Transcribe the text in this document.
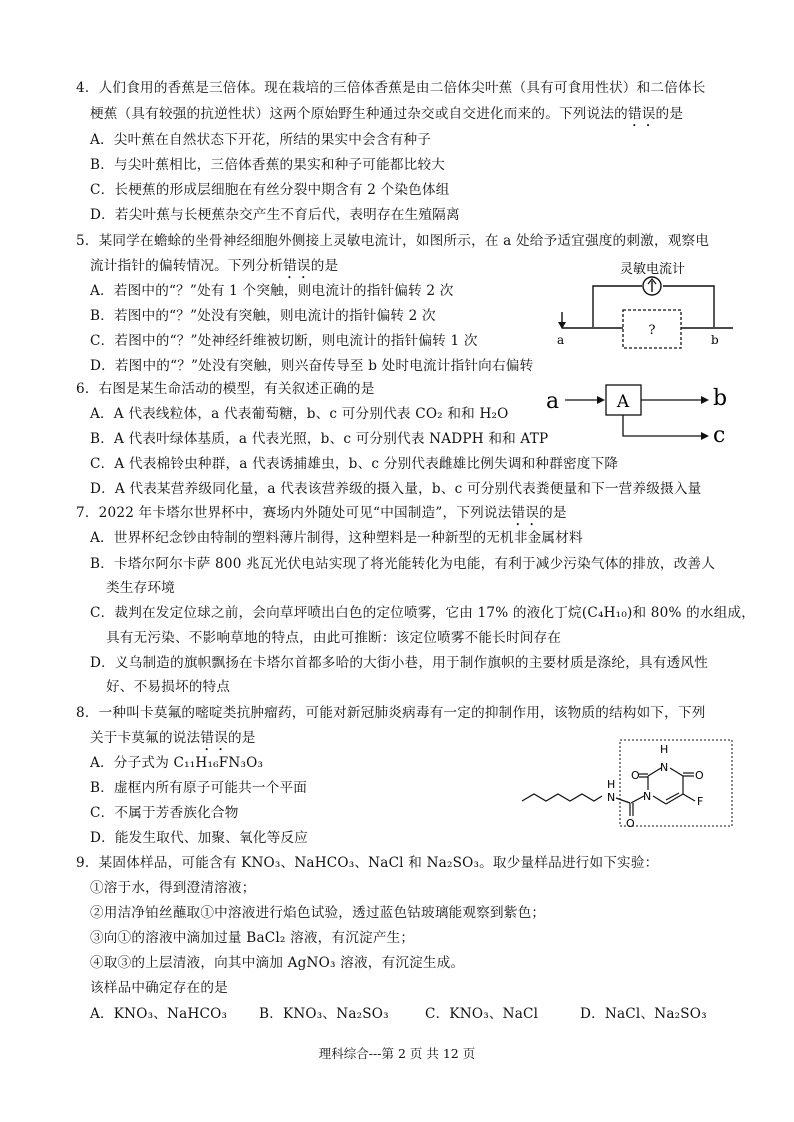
4．人们食用的香蕉是三倍体。现在栽培的三倍体香蕉是由二倍体尖叶蕉（具有可食用性状）和二倍体长
梗蕉（具有较强的抗逆性状）这两个原始野生种通过杂交或自交进化而来的。下列说法的错误的是
A．尖叶蕉在自然状态下开花，所结的果实中会含有种子
B．与尖叶蕉相比，三倍体香蕉的果实和种子可能都比较大
C．长梗蕉的形成层细胞在有丝分裂中期含有 2 个染色体组
D．若尖叶蕉与长梗蕉杂交产生不育后代，表明存在生殖隔离
5．某同学在蟾蜍的坐骨神经细胞外侧接上灵敏电流计，如图所示，在 a 处给予适宜强度的刺激，观察电
流计指针的偏转情况。下列分析错误的是
A．若图中的“？”处有 1 个突触，则电流计的指针偏转 2 次
B．若图中的“？”处没有突触，则电流计的指针偏转 2 次
C．若图中的“？”处神经纤维被切断，则电流计的指针偏转 1 次
D．若图中的“？”处没有突触，则兴奋传导至 b 处时电流计指针向右偏转
灵敏电流计
?
a	b
6．右图是某生命活动的模型，有关叙述正确的是
A．A 代表线粒体，a 代表葡萄糖，b、c 可分别代表 CO₂ 和和 H₂O
B．A 代表叶绿体基质，a 代表光照，b、c 可分别代表 NADPH 和和 ATP
C．A 代表棉铃虫种群，a 代表诱捕雄虫，b、c 分别代表雌雄比例失调和种群密度下降
D．A 代表某营养级同化量，a 代表该营养级的摄入量，b、c 可分别代表粪便量和下一营养级摄入量
a	A	b
c
7．2022 年卡塔尔世界杯中，赛场内外随处可见“中国制造”，下列说法错误的是
A．世界杯纪念钞由特制的塑料薄片制得，这种塑料是一种新型的无机非金属材料
B．卡塔尔阿尔卡萨 800 兆瓦光伏电站实现了将光能转化为电能，有利于减少污染气体的排放，改善人
类生存环境
C．裁判在发定位球之前，会向草坪喷出白色的定位喷雾，它由 17% 的液化丁烷(C₄H₁₀)和 80% 的水组成，
具有无污染、不影响草地的特点，由此可推断：该定位喷雾不能长时间存在
D．义乌制造的旗帜飘扬在卡塔尔首都多哈的大街小巷，用于制作旗帜的主要材质是涤纶，具有透风性
好、不易损坏的特点
8．一种叫卡莫氟的嘧啶类抗肿瘤药，可能对新冠肺炎病毒有一定的抑制作用，该物质的结构如下，下列
关于卡莫氟的说法错误的是
A．分子式为 C₁₁H₁₆FN₃O₃
B．虚框内所有原子可能共一个平面
C．不属于芳香族化合物
D．能发生取代、加聚、氧化等反应
N
H
O
N
O
N
H
O
F
9．某固体样品，可能含有 KNO₃、NaHCO₃、NaCl 和 Na₂SO₃。取少量样品进行如下实验：
①溶于水，得到澄清溶液；
②用洁净铂丝蘸取①中溶液进行焰色试验，透过蓝色钴玻璃能观察到紫色；
③向①的溶液中滴加过量 BaCl₂ 溶液，有沉淀产生；
④取③的上层清液，向其中滴加 AgNO₃ 溶液，有沉淀生成。
该样品中确定存在的是
A．KNO₃、NaHCO₃ B．KNO₃、Na₂SO₃	C．KNO₃、NaCl	D．NaCl、Na₂SO₃
理科综合---第 2 页 共 12 页
